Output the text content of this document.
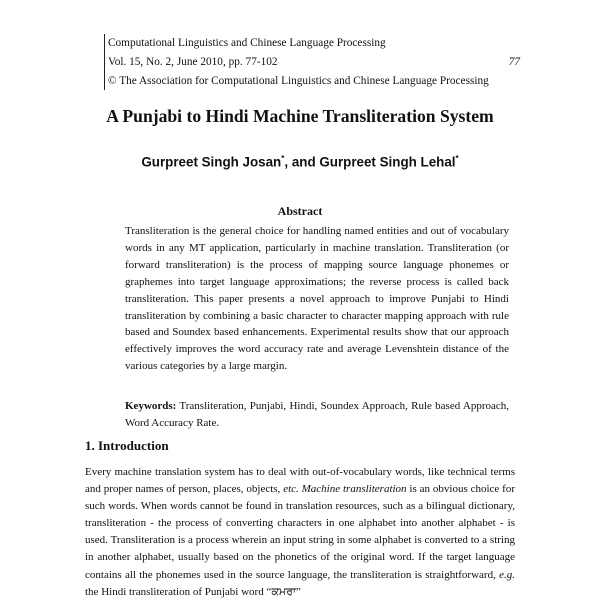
Computational Linguistics and Chinese Language Processing
Vol. 15, No. 2, June 2010, pp. 77-102	77
© The Association for Computational Linguistics and Chinese Language Processing
A Punjabi to Hindi Machine Transliteration System
Gurpreet Singh Josan*, and Gurpreet Singh Lehal*
Abstract
Transliteration is the general choice for handling named entities and out of vocabulary words in any MT application, particularly in machine translation. Transliteration (or forward transliteration) is the process of mapping source language phonemes or graphemes into target language approximations; the reverse process is called back transliteration. This paper presents a novel approach to improve Punjabi to Hindi transliteration by combining a basic character to character mapping approach with rule based and Soundex based enhancements. Experimental results show that our approach effectively improves the word accuracy rate and average Levenshtein distance of the various categories by a large margin.
Keywords: Transliteration, Punjabi, Hindi, Soundex Approach, Rule based Approach, Word Accuracy Rate.
1. Introduction
Every machine translation system has to deal with out-of-vocabulary words, like technical terms and proper names of person, places, objects, etc. Machine transliteration is an obvious choice for such words. When words cannot be found in translation resources, such as a bilingual dictionary, transliteration - the process of converting characters in one alphabet into another alphabet - is used. Transliteration is a process wherein an input string in some alphabet is converted to a string in another alphabet, usually based on the phonetics of the original word. If the target language contains all the phonemes used in the source language, the transliteration is straightforward, e.g. the Hindi transliteration of Punjabi word “ਕਮਰਾ”
